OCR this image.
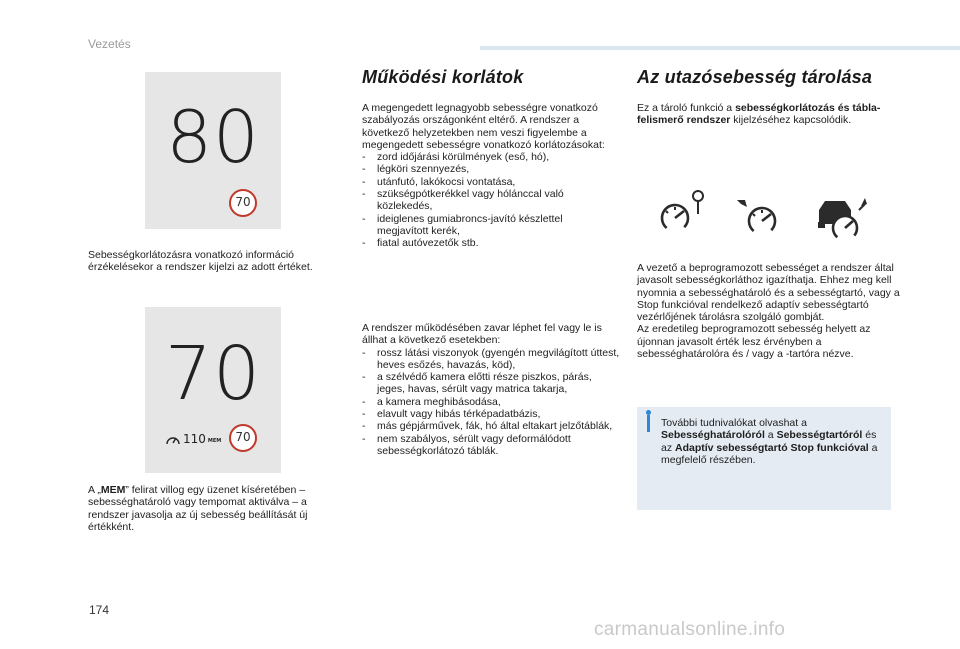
Vezetés
80
70
Sebességkorlátozásra vonatkozó információ érzékelésekor a rendszer kijelzi az adott értéket.
70
110 MEM	70
A „MEM” felirat villog egy üzenet kíséretében – sebességhatároló vagy tempomat aktiválva – a rendszer javasolja az új sebesség beállítását új értékként.
Működési korlátok
A megengedett legnagyobb sebességre vonatkozó szabályozás országonként eltérő. A rendszer a következő helyzetekben nem veszi figyelembe a megengedett sebességre vonatkozó korlátozásokat:
- zord időjárási körülmények (eső, hó),
- légköri szennyezés,
- utánfutó, lakókocsi vontatása,
- szükségpótkerékkel vagy hólánccal való közlekedés,
- ideiglenes gumiabroncs-javító készlettel megjavított kerék,
- fiatal autóvezetők stb.
A rendszer működésében zavar léphet fel vagy le is állhat a következő esetekben:
- rossz látási viszonyok (gyengén megvilágított úttest, heves esőzés, havazás, köd),
- a szélvédő kamera előtti része piszkos, párás, jeges, havas, sérült vagy matrica takarja,
- a kamera meghibásodása,
- elavult vagy hibás térképadatbázis,
- más gépjárművek, fák, hó által eltakart jelzőtáblák,
- nem szabályos, sérült vagy deformálódott sebességkorlátozó táblák.
Az utazósebesség tárolása
Ez a tároló funkció a sebességkorlátozás és tábla-felismerő rendszer kijelzéséhez kapcsolódik.
A vezető a beprogramozott sebességet a rendszer által javasolt sebességkorláthoz igazíthatja. Ehhez meg kell nyomnia a sebességhatároló és a sebességtartó, vagy a Stop funkcióval rendelkező adaptív sebességtartó vezérlőjének tárolásra szolgáló gombját.
Az eredetileg beprogramozott sebesség helyett az újonnan javasolt érték lesz érvényben a sebességhatárolóra és / vagy a -tartóra nézve.
További tudnivalókat olvashat a Sebességhatárolóról a Sebességtartóról és az Adaptív sebességtartó Stop funkcióval a megfelelő részében.
174
carmanualsonline.info
